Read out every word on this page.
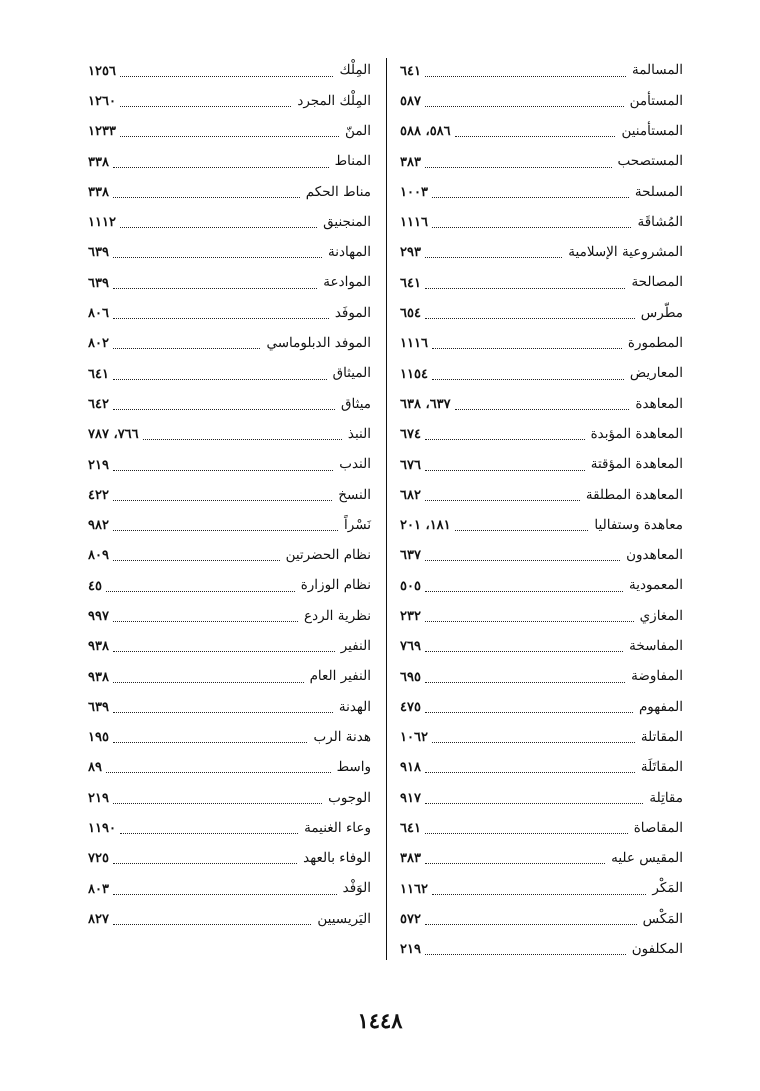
المسالمة
٦٤١
المستأمن
٥٨٧
المستأمنين
٥٨٦، ٥٨٨
المستصحب
٣٨٣
المسلحة
١٠٠٣
المُشاقَة
١١١٦
المشروعية الإسلامية
٢٩٣
المصالحة
٦٤١
مطّرس
٦٥٤
المطمورة
١١١٦
المعاريض
١١٥٤
المعاهدة
٦٣٧، ٦٣٨
المعاهدة المؤبدة
٦٧٤
المعاهدة المؤقتة
٦٧٦
المعاهدة المطلقة
٦٨٢
معاهدة وستفاليا
١٨١، ٢٠١
المعاهدون
٦٣٧
المعمودية
٥٠٥
المغازي
٢٣٢
المفاسخة
٧٦٩
المفاوضة
٦٩٥
المفهوم
٤٧٥
المقاتلة
١٠٦٢
المقاتَلَة
٩١٨
مقاتِلة
٩١٧
المقاصاة
٦٤١
المقيس عليه
٣٨٣
المَكْر
١١٦٢
المَكْس
٥٧٢
المكلفون
٢١٩
المِلْك
١٢٥٦
المِلْك المجرد
١٢٦٠
المنّ
١٢٣٣
المناط
٣٣٨
مناط الحكم
٣٣٨
المنجنيق
١١١٢
المهادنة
٦٣٩
الموادعة
٦٣٩
الموفَد
٨٠٦
الموفد الدبلوماسي
٨٠٢
الميثاق
٦٤١
ميثاق
٦٤٢
النبذ
٧٦٦، ٧٨٧
الندب
٢١٩
النسخ
٤٢٢
نَسْراً
٩٨٢
نظام الحضرتين
٨٠٩
نظام الوزارة
٤٥
نظرية الردع
٩٩٧
النفير
٩٣٨
النفير العام
٩٣٨
الهدنة
٦٣٩
هدنة الرب
١٩٥
واسط
٨٩
الوجوب
٢١٩
وعاء الغنيمة
١١٩٠
الوفاء بالعهد
٧٢٥
الوَفْد
٨٠٣
اليَريسيين
٨٢٧
١٤٤٨
